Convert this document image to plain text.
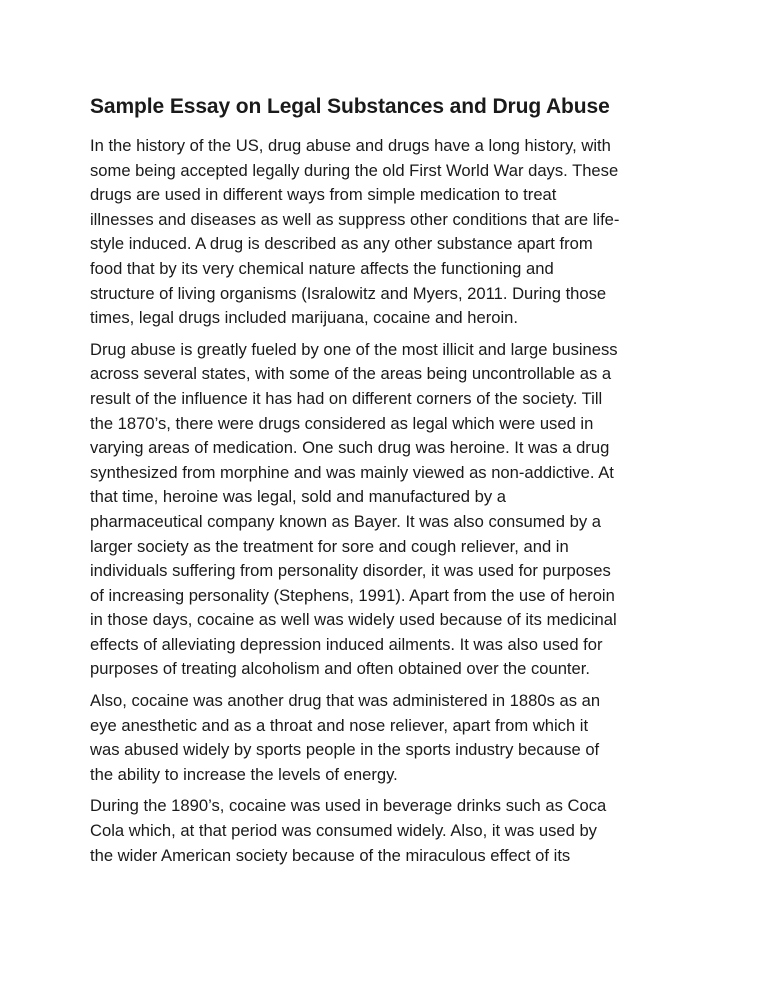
Sample Essay on Legal Substances and Drug Abuse

In the history of the US, drug abuse and drugs have a long history, with
some being accepted legally during the old First World War days. These
drugs are used in different ways from simple medication to treat
illnesses and diseases as well as suppress other conditions that are life-
style induced. A drug is described as any other substance apart from
food that by its very chemical nature affects the functioning and
structure of living organisms (Isralowitz and Myers, 2011. During those
times, legal drugs included marijuana, cocaine and heroin.

Drug abuse is greatly fueled by one of the most illicit and large business
across several states, with some of the areas being uncontrollable as a
result of the influence it has had on different corners of the society. Till
the 1870’s, there were drugs considered as legal which were used in
varying areas of medication. One such drug was heroine. It was a drug
synthesized from morphine and was mainly viewed as non-addictive. At
that time, heroine was legal, sold and manufactured by a
pharmaceutical company known as Bayer. It was also consumed by a
larger society as the treatment for sore and cough reliever, and in
individuals suffering from personality disorder, it was used for purposes
of increasing personality (Stephens, 1991). Apart from the use of heroin
in those days, cocaine as well was widely used because of its medicinal
effects of alleviating depression induced ailments. It was also used for
purposes of treating alcoholism and often obtained over the counter.

Also, cocaine was another drug that was administered in 1880s as an
eye anesthetic and as a throat and nose reliever, apart from which it
was abused widely by sports people in the sports industry because of
the ability to increase the levels of energy.

During the 1890’s, cocaine was used in beverage drinks such as Coca
Cola which, at that period was consumed widely. Also, it was used by
the wider American society because of the miraculous effect of its
